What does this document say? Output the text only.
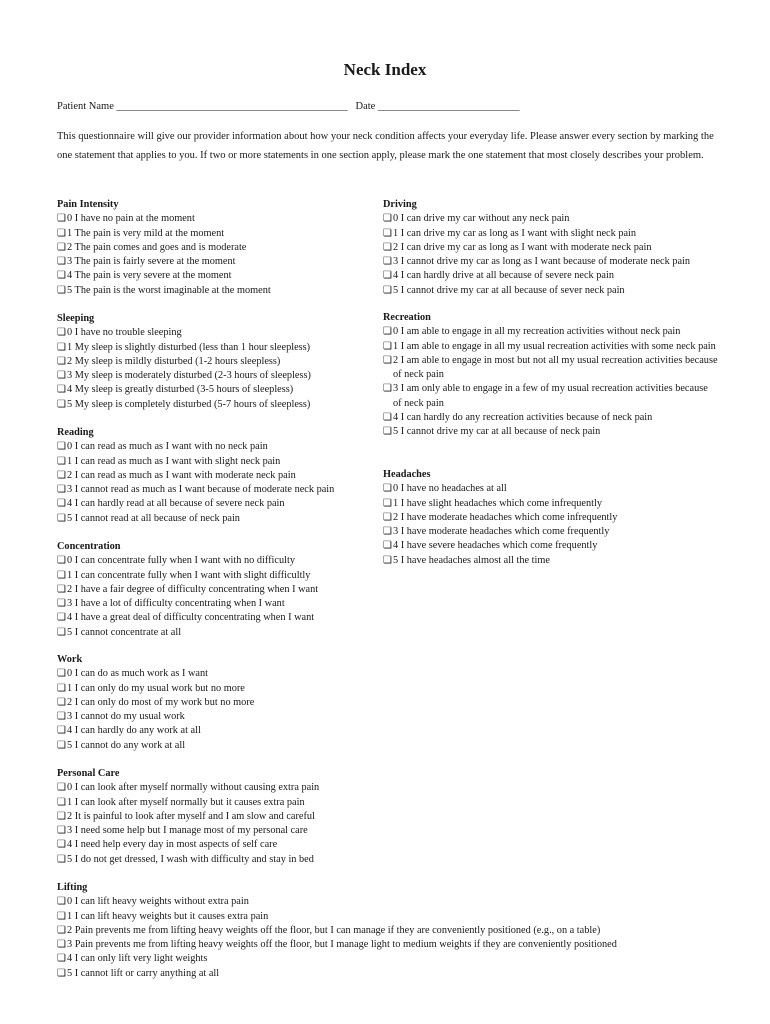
Neck Index
Patient Name ____________________________________________ Date ___________________________
This questionnaire will give our provider information about how your neck condition affects your everyday life. Please answer every section by marking the one statement that applies to you. If two or more statements in one section apply, please mark the one statement that most closely describes your problem.
Pain Intensity
❏ 0 I have no pain at the moment
❏ 1 The pain is very mild at the moment
❏ 2 The pain comes and goes and is moderate
❏ 3 The pain is fairly severe at the moment
❏ 4 The pain is very severe at the moment
❏ 5 The pain is the worst imaginable at the moment
Sleeping
❏ 0 I have no trouble sleeping
❏ 1 My sleep is slightly disturbed (less than 1 hour sleepless)
❏ 2 My sleep is mildly disturbed (1-2 hours sleepless)
❏ 3 My sleep is moderately disturbed (2-3 hours of sleepless)
❏ 4 My sleep is greatly disturbed (3-5 hours of sleepless)
❏ 5 My sleep is completely disturbed (5-7 hours of sleepless)
Reading
❏ 0 I can read as much as I want with no neck pain
❏ 1 I can read as much as I want with slight neck pain
❏ 2 I can read as much as I want with moderate neck pain
❏ 3 I cannot read as much as I want because of moderate neck pain
❏ 4 I can hardly read at all because of severe neck pain
❏ 5 I cannot read at all because of neck pain
Concentration
❏ 0 I can concentrate fully when I want with no difficulty
❏ 1 I can concentrate fully when I want with slight difficultly
❏ 2 I have a fair degree of difficulty concentrating when I want
❏ 3 I have a lot of difficulty concentrating when I want
❏ 4 I have a great deal of difficulty concentrating when I want
❏ 5 I cannot concentrate at all
Work
❏ 0 I can do as much work as I want
❏ 1 I can only do my usual work but no more
❏ 2 I can only do most of my work but no more
❏ 3 I cannot do my usual work
❏ 4 I can hardly do any work at all
❏ 5 I cannot do any work at all
Personal Care
❏ 0 I can look after myself normally without causing extra pain
❏ 1 I can look after myself normally but it causes extra pain
❏ 2 It is painful to look after myself and I am slow and careful
❏ 3 I need some help but I manage most of my personal care
❏ 4 I need help every day in most aspects of self care
❏ 5 I do not get dressed, I wash with difficulty and stay in bed
Lifting
❏ 0 I can lift heavy weights without extra pain
❏ 1 I can lift heavy weights but it causes extra pain
❏ 2 Pain prevents me from lifting heavy weights off the floor, but I can manage if they are conveniently positioned (e.g., on a table)
❏ 3 Pain prevents me from lifting heavy weights off the floor, but I manage light to medium weights if they are conveniently positioned
❏ 4 I can only lift very light weights
❏ 5 I cannot lift or carry anything at all
Driving
❏ 0 I can drive my car without any neck pain
❏ 1 I can drive my car as long as I want with slight neck pain
❏ 2 I can drive my car as long as I want with moderate neck pain
❏ 3 I cannot drive my car as long as I want because of moderate neck pain
❏ 4 I can hardly drive at all because of severe neck pain
❏ 5 I cannot drive my car at all because of sever neck pain
Recreation
❏ 0 I am able to engage in all my recreation activities without neck pain
❏ 1 I am able to engage in all my usual recreation activities with some neck pain
❏ 2 I am able to engage in most but not all my usual recreation activities because of neck pain
❏ 3 I am only able to engage in a few of my usual recreation activities because of neck pain
❏ 4 I can hardly do any recreation activities because of neck pain
❏ 5 I cannot drive my car at all because of neck pain
Headaches
❏ 0 I have no headaches at all
❏ 1 I have slight headaches which come infrequently
❏ 2 I have moderate headaches which come infrequently
❏ 3 I have moderate headaches which come frequently
❏ 4 I have severe headaches which come frequently
❏ 5 I have headaches almost all the time
